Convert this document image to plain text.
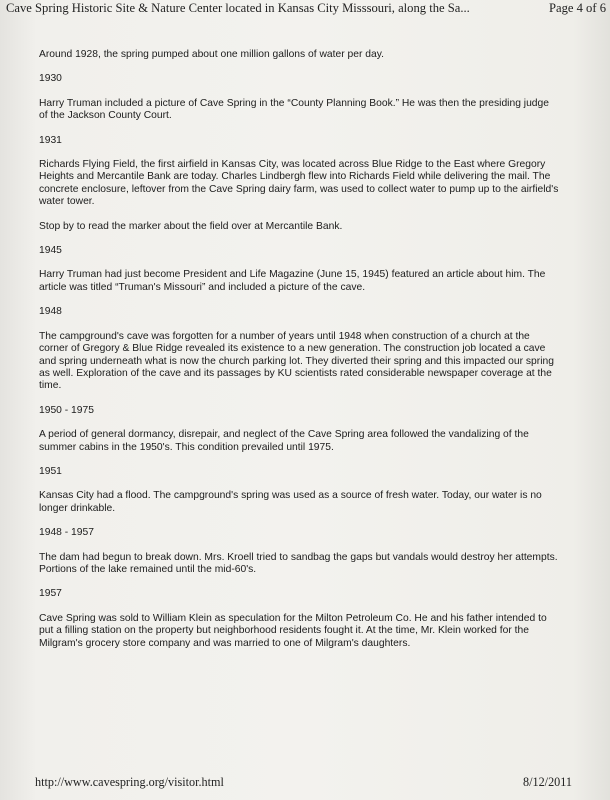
Cave Spring Historic Site & Nature Center located in Kansas City Misssouri, along the Sa...	Page 4 of 6

Around 1928, the spring pumped about one million gallons of water per day.

1930

Harry Truman included a picture of Cave Spring in the “County Planning Book.” He was then the presiding judge of the Jackson County Court.

1931

Richards Flying Field, the first airfield in Kansas City, was located across Blue Ridge to the East where Gregory Heights and Mercantile Bank are today. Charles Lindbergh flew into Richards Field while delivering the mail. The concrete enclosure, leftover from the Cave Spring dairy farm, was used to collect water to pump up to the airfield's water tower.

Stop by to read the marker about the field over at Mercantile Bank.

1945

Harry Truman had just become President and Life Magazine (June 15, 1945) featured an article about him. The article was titled “Truman's Missouri” and included a picture of the cave.

1948

The campground's cave was forgotten for a number of years until 1948 when construction of a church at the corner of Gregory & Blue Ridge revealed its existence to a new generation. The construction job located a cave and spring underneath what is now the church parking lot. They diverted their spring and this impacted our spring as well. Exploration of the cave and its passages by KU scientists rated considerable newspaper coverage at the time.

1950 - 1975

A period of general dormancy, disrepair, and neglect of the Cave Spring area followed the vandalizing of the summer cabins in the 1950's. This condition prevailed until 1975.

1951

Kansas City had a flood. The campground's spring was used as a source of fresh water. Today, our water is no longer drinkable.

1948 - 1957

The dam had begun to break down. Mrs. Kroell tried to sandbag the gaps but vandals would destroy her attempts. Portions of the lake remained until the mid-60's.

1957

Cave Spring was sold to William Klein as speculation for the Milton Petroleum Co. He and his father intended to put a filling station on the property but neighborhood residents fought it. At the time, Mr. Klein worked for the Milgram's grocery store company and was married to one of Milgram's daughters.

http://www.cavespring.org/visitor.html	8/12/2011
